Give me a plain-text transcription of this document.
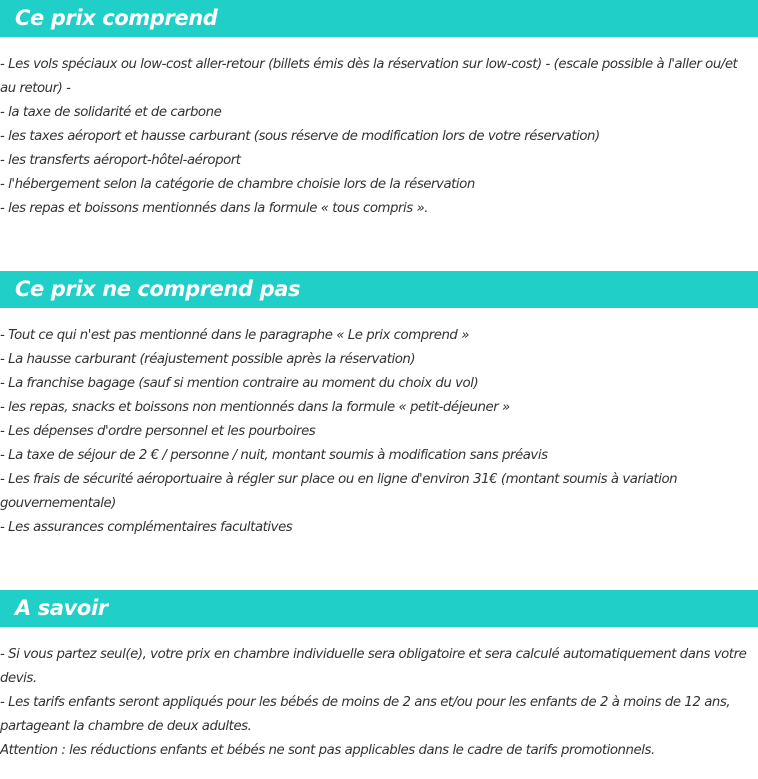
Ce prix comprend
- Les vols spéciaux ou low-cost aller-retour (billets émis dès la réservation sur low-cost) - (escale possible à l'aller ou/et
au retour) -
- la taxe de solidarité et de carbone
- les taxes aéroport et hausse carburant (sous réserve de modification lors de votre réservation)
- les transferts aéroport-hôtel-aéroport
- l'hébergement selon la catégorie de chambre choisie lors de la réservation
- les repas et boissons mentionnés dans la formule « tous compris ».
Ce prix ne comprend pas
- Tout ce qui n'est pas mentionné dans le paragraphe « Le prix comprend »
- La hausse carburant (réajustement possible après la réservation)
- La franchise bagage (sauf si mention contraire au moment du choix du vol)
- les repas, snacks et boissons non mentionnés dans la formule « petit-déjeuner »
- Les dépenses d'ordre personnel et les pourboires
- La taxe de séjour de 2 € / personne / nuit, montant soumis à modification sans préavis
- Les frais de sécurité aéroportuaire à régler sur place ou en ligne d'environ 31€ (montant soumis à variation
gouvernementale)
- Les assurances complémentaires facultatives
A savoir
- Si vous partez seul(e), votre prix en chambre individuelle sera obligatoire et sera calculé automatiquement dans votre
devis.
- Les tarifs enfants seront appliqués pour les bébés de moins de 2 ans et/ou pour les enfants de 2 à moins de 12 ans,
partageant la chambre de deux adultes.
Attention : les réductions enfants et bébés ne sont pas applicables dans le cadre de tarifs promotionnels.
